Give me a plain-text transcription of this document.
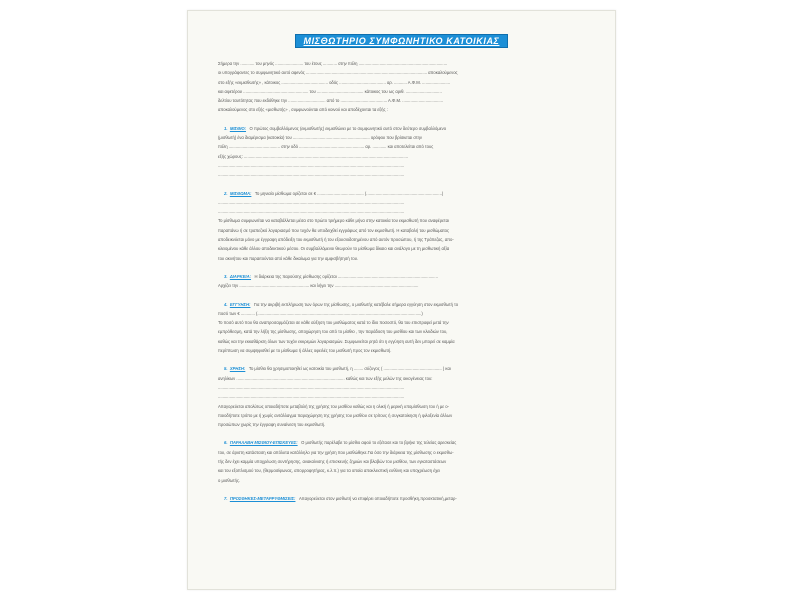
ΜΙΣΘΩΤΗΡΙΟ ΣΥΜΦΩΝΗΤΙΚΟ ΚΑΤΟΙΚΙΑΣ
Σήμερα την ............ του μηνός ........................ του έτους ............ στην πόλη ............................................................................
οι υπογράφοντες το συμφωνητικό αυτό αφενός ........................................................................................................ αποκαλούμενος
στο εξής «εκμισθωτής» , κάτοικος ........................................ οδός ........................................ αρ. ........... Α.Φ.Μ. ........................
και αφετέρου ........................................................ του ........................................ κάτοικος του ως αριθ. ...............................
δελτίου ταυτότητας που εκδόθηκε την ................................ από το ........................................ Α.Φ.Μ. ...................................
αποκαλούμενος στο εξής «μισθωτής» , συμφωνούνται από κοινού και αποδέχονται τα εξής :
1. ΜΙΣΘΙΟ: Ο πρώτος συμβαλλόμενος (εκμισθωτής) εκμισθώνει με το συμφωνητικό αυτό στον δεύτερο συμβαλλόμενο
(μισθωτή) ένα διαμέρισμα (κατοικία) του .................................................................. ορόφου που βρίσκεται στην
πόλη ............................................ στην οδό ........................................................ αρ. ............ και αποτελείται από τους
εξής χώρους: .............................................................................................................................................
................................................................................................................................................................
................................................................................................................................................................
2. ΜΙΣΘΩΜΑ: Το μηνιαίο μίσθωμα ορίζεται σε € ........................................ (.................................................................)
................................................................................................................................................................
................................................................................................................................................................
Το μίσθωμα συμφωνείται να καταβάλλεται μέσα στο πρώτο τριήμερο κάθε μήνα στην κατοικία του εκμισθωτή που αναφέρεται
παραπάνω ή σε τραπεζικό λογαριασμό που τυχόν θα υποδειχθεί εγγράφως από τον εκμισθωτή. Η καταβολή του μισθώματος
αποδεικνύεται μόνο με έγγραφη απόδειξη του εκμισθωτή ή του εξουσιοδοτημένου από αυτόν προσώπου, ή της Τράπεζας, απο-
κλειομένου κάθε άλλου αποδεικτικού μέσου. Οι συμβαλλόμενοι θεωρούν το μίσθωμα δίκαιο και ανάλογο με τη μισθωτική αξία
του ακινήτου και παραιτούνται από κάθε δικαίωμα για την αμφισβήτησή του.
3. ΔΙΑΡΚΕΙΑ: Η διάρκεια της παρούσης μίσθωσης ορίζεται ......................................................................................
Αρχίζει την ............................................................ και λήγει την ........................................................................
4. ΕΓΓΥΗΣΗ: Για την ακριβή εκπλήρωση των όρων της μίσθωσης, ο μισθωτής κατέβαλε σήμερα εγγύηση στον εκμισθωτή το
ποσό των € ............ (.............................................................................................................................................)
Το ποσό αυτό που θα αναπροσαρμόζεται σε κάθε αύξηση του μισθώματος κατά το ίδιο ποσοστό, θα του επιστραφεί μετά την
εμπρόθεσμη, κατά την λήξη της μίσθωσης, αποχώρηση του από το μίσθιο , την παράδοση του μισθίου και των κλειδιών του,
καθώς και την εκκαθάριση όλων των τυχόν εκκρεμών λογαριασμών. Συμφωνείται ρητά ότι η εγγύηση αυτή δεν μπορεί σε καμμία
περίπτωση να συμψηφισθεί με το μίσθωμα ή άλλες οφειλές του μισθωτή προς τον εκμισθωτή.
5. ΧΡΗΣΗ: Το μίσθιο θα χρησιμοποιηθεί ως κατοικία του μισθωτή, η ........ σύζυγος ( .................................................. ) και
ανηλίκων ............................................................................................. καθώς και των εξής μελών της οικογένειας του:
................................................................................................................................................................
................................................................................................................................................................
Απαγορεύεται απολύτως οποιαδήποτε μεταβολή της χρήσης του μισθίου καθώς και η ολική ή μερική υπομίσθωση του ή με ο-
ποιοδήποτε τρόπο με ή χωρίς αντάλλαγμα παραχώρηση της χρήσης του μισθίου σε τρίτους ή συγκατοίκηση ή φιλοξενία άλλων
προσώπων χωρίς την έγγραφη συναίνεση του εκμισθωτή.
6. ΠΑΡΑΛΑΒΗ ΜΙΣΘΙΟΥ-ΕΠΙΣΚΕΥΕΣ: Ο μισθωτής παρέλαβε το μίσθιο αφού το εξέτασε και το βρήκε της τελείας αρεσκείας
του, σε άριστη κατάσταση και απόλυτα κατάλληλο για την χρήση που μισθώθηκε.Για όσο την διάρκεια της μίσθωσης ο εκμισθω-
τής δεν έχει καμμία υποχρέωση συντήρησης, ανακαίνισης ή επισκευής ζημιών και βλαβών του μισθίου, των εγκαταστάσεων
και του εξοπλισμού του, (θερμοσίφωνας, απορροφητήρας, κ.λ.π.) για τα οποία αποκλειστική ευθύνη και υποχρέωση έχει
ο μισθωτής.
7. ΠΡΟΣΘΗΚΕΣ-ΜΕΤΑΡΡΥΘΜΙΣΕΙΣ: Απαγορεύεται στον μισθωτή να επιφέρει οποιαδήποτε προσθήκη,προσκτατική,μεταρ-
